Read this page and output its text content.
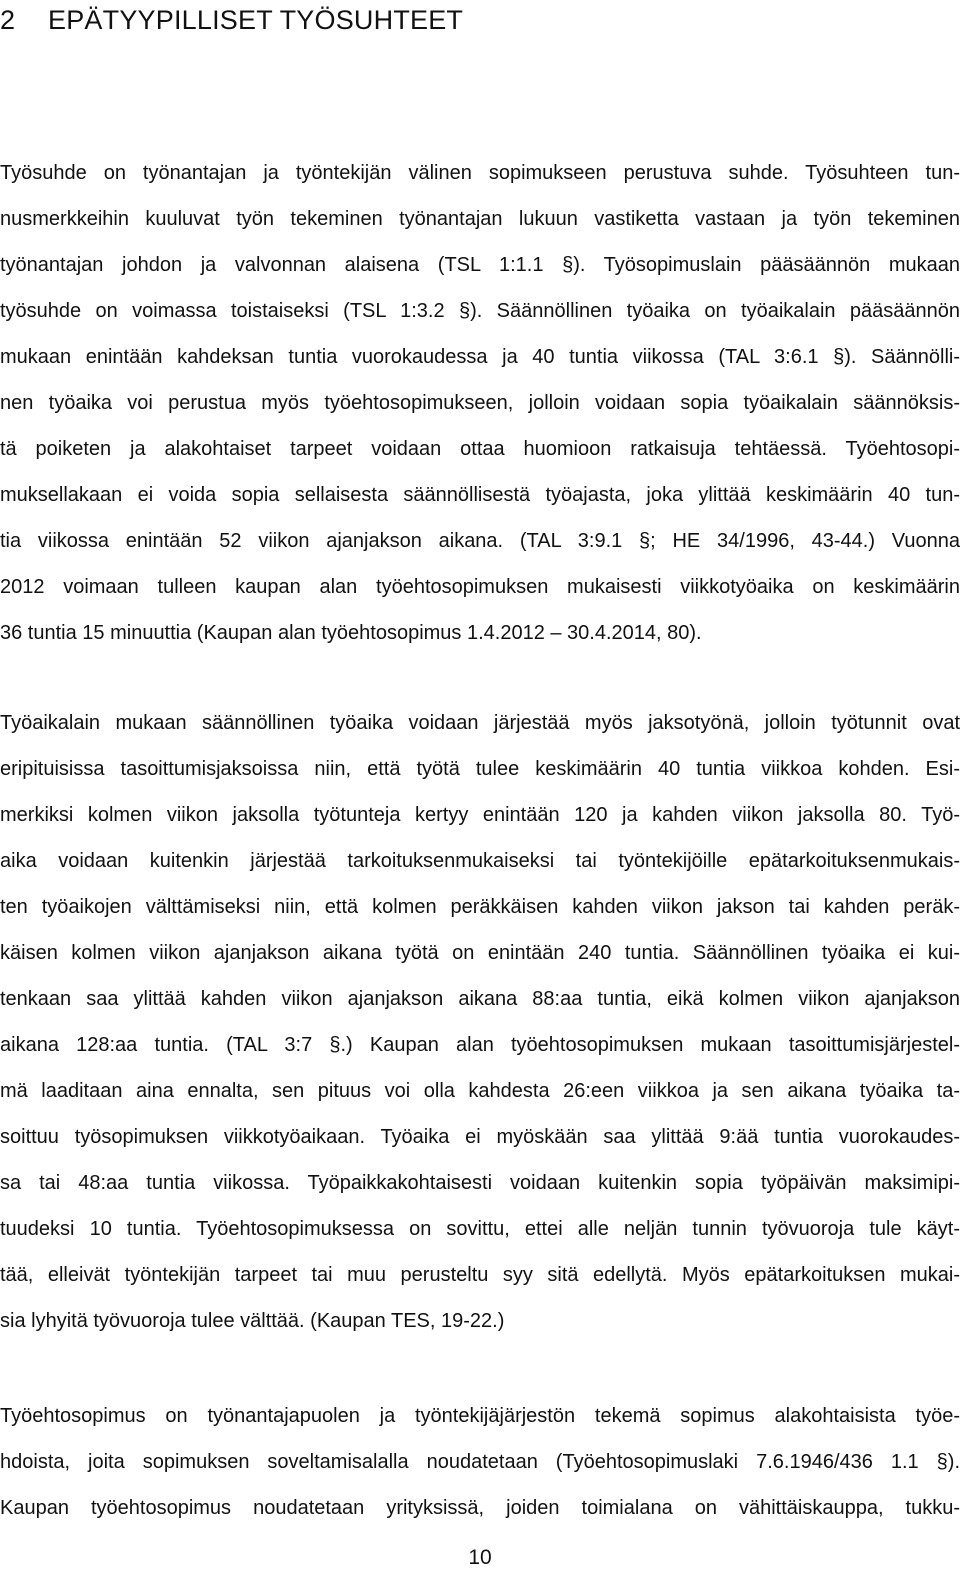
2 EPÄTYYPILLISET TYÖSUHTEET
Työsuhde on työnantajan ja työntekijän välinen sopimukseen perustuva suhde. Työsuhteen tun-
nusmerkkeihin kuuluvat työn tekeminen työnantajan lukuun vastiketta vastaan ja työn tekeminen
työnantajan johdon ja valvonnan alaisena (TSL 1:1.1 §). Työsopimuslain pääsäännön mukaan
työsuhde on voimassa toistaiseksi (TSL 1:3.2 §). Säännöllinen työaika on työaikalain pääsäännön
mukaan enintään kahdeksan tuntia vuorokaudessa ja 40 tuntia viikossa (TAL 3:6.1 §). Säännölli-
nen työaika voi perustua myös työehtosopimukseen, jolloin voidaan sopia työaikalain säännöksis-
tä poiketen ja alakohtaiset tarpeet voidaan ottaa huomioon ratkaisuja tehtäessä. Työehtosopi-
muksellakaan ei voida sopia sellaisesta säännöllisestä työajasta, joka ylittää keskimäärin 40 tun-
tia viikossa enintään 52 viikon ajanjakson aikana. (TAL 3:9.1 §; HE 34/1996, 43-44.) Vuonna
2012 voimaan tulleen kaupan alan työehtosopimuksen mukaisesti viikkotyöaika on keskimäärin
36 tuntia 15 minuuttia (Kaupan alan työehtosopimus 1.4.2012 – 30.4.2014, 80).
Työaikalain mukaan säännöllinen työaika voidaan järjestää myös jaksotyönä, jolloin työtunnit ovat
eripituisissa tasoittumisjaksoissa niin, että työtä tulee keskimäärin 40 tuntia viikkoa kohden. Esi-
merkiksi kolmen viikon jaksolla työtunteja kertyy enintään 120 ja kahden viikon jaksolla 80. Työ-
aika voidaan kuitenkin järjestää tarkoituksenmukaiseksi tai työntekijöille epätarkoituksenmukais-
ten työaikojen välttämiseksi niin, että kolmen peräkkäisen kahden viikon jakson tai kahden peräk-
käisen kolmen viikon ajanjakson aikana työtä on enintään 240 tuntia. Säännöllinen työaika ei kui-
tenkaan saa ylittää kahden viikon ajanjakson aikana 88:aa tuntia, eikä kolmen viikon ajanjakson
aikana 128:aa tuntia. (TAL 3:7 §.) Kaupan alan työehtosopimuksen mukaan tasoittumisjärjestel-
mä laaditaan aina ennalta, sen pituus voi olla kahdesta 26:een viikkoa ja sen aikana työaika ta-
soittuu työsopimuksen viikkotyöaikaan. Työaika ei myöskään saa ylittää 9:ää tuntia vuorokaudes-
sa tai 48:aa tuntia viikossa. Työpaikkakohtaisesti voidaan kuitenkin sopia työpäivän maksimipi-
tuudeksi 10 tuntia. Työehtosopimuksessa on sovittu, ettei alle neljän tunnin työvuoroja tule käyt-
tää, elleivät työntekijän tarpeet tai muu perusteltu syy sitä edellytä. Myös epätarkoituksen mukai-
sia lyhyitä työvuoroja tulee välttää. (Kaupan TES, 19-22.)
Työehtosopimus on työnantajapuolen ja työntekijäjärjestön tekemä sopimus alakohtaisista työe-
hdoista, joita sopimuksen soveltamisalalla noudatetaan (Työehtosopimuslaki 7.6.1946/436 1.1 §).
Kaupan työehtosopimus noudatetaan yrityksissä, joiden toimialana on vähittäiskauppa, tukku-
10
